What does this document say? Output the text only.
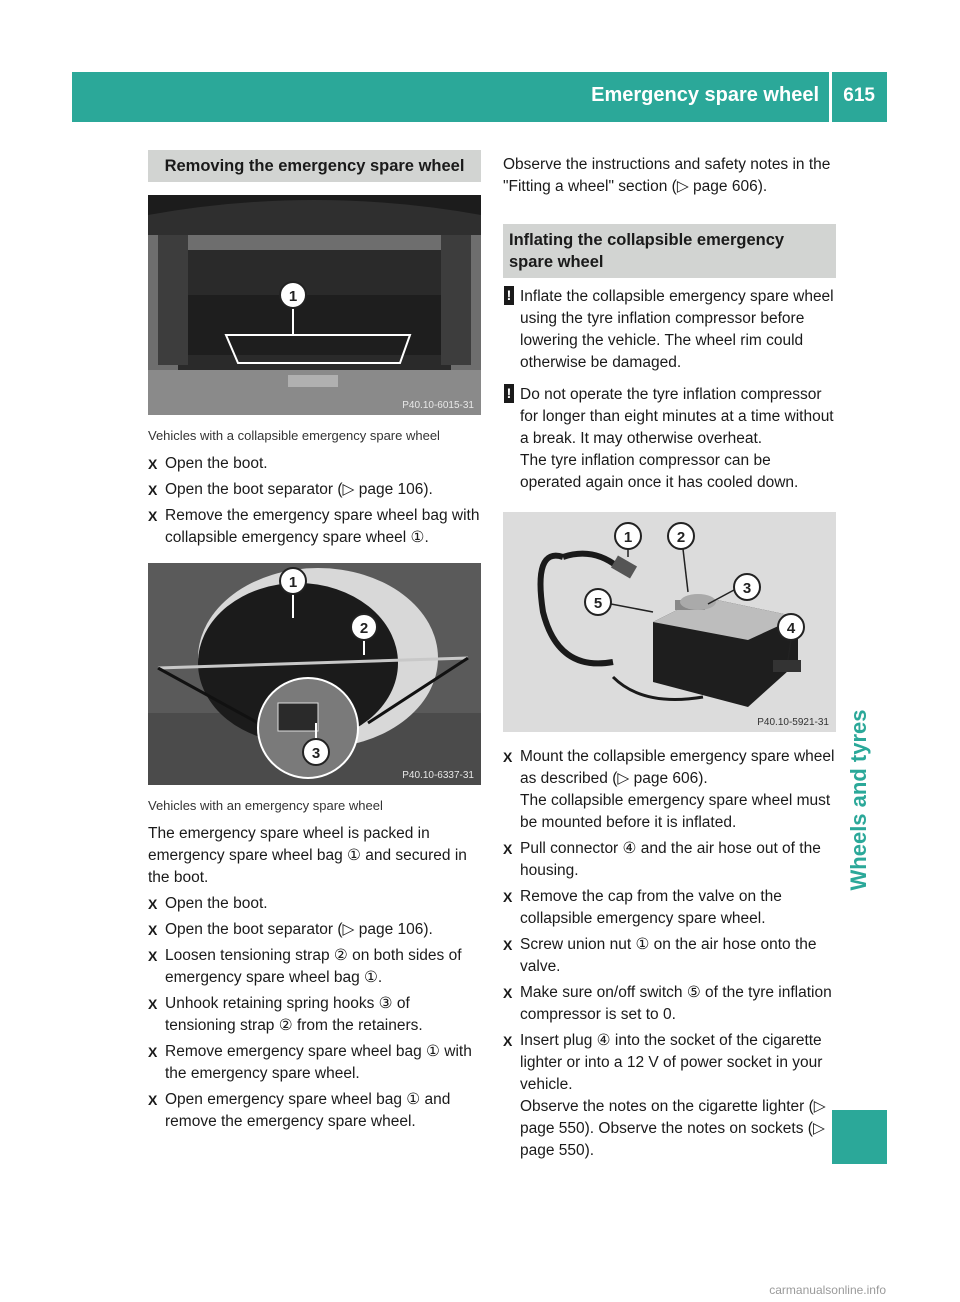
Emergency spare wheel 615
Wheels and tyres
Removing the emergency spare wheel
1
P40.10-6015-31

Vehicles with a collapsible emergency spare wheel

X Open the boot.
X Open the boot separator (▷ page 106).
X Remove the emergency spare wheel bag with collapsible emergency spare wheel ①.
1
2
3
P40.10-6337-31

Vehicles with an emergency spare wheel

The emergency spare wheel is packed in emergency spare wheel bag ① and secured in the boot.

X Open the boot.
X Open the boot separator (▷ page 106).
X Loosen tensioning strap ② on both sides of emergency spare wheel bag ①.
X Unhook retaining spring hooks ③ of tensioning strap ② from the retainers.
X Remove emergency spare wheel bag ① with the emergency spare wheel.
X Open emergency spare wheel bag ① and remove the emergency spare wheel.

Observe the instructions and safety notes in the "Fitting a wheel" section (▷ page 606).

Inflating the collapsible emergency spare wheel
! Inflate the collapsible emergency spare wheel using the tyre inflation compressor before lowering the vehicle. The wheel rim could otherwise be damaged.
! Do not operate the tyre inflation compressor for longer than eight minutes at a time without a break. It may otherwise overheat.

The tyre inflation compressor can be operated again once it has cooled down.

1	2
3
4
5
P40.10-5921-31
X Mount the collapsible emergency spare wheel as described (▷ page 606).

The collapsible emergency spare wheel must be mounted before it is inflated.

X Pull connector ④ and the air hose out of the housing.
X Remove the cap from the valve on the collapsible emergency spare wheel.
X Screw union nut ① on the air hose onto the valve.
X Make sure on/off switch ⑤ of the tyre inflation compressor is set to 0.
X Insert plug ④ into the socket of the cigarette lighter or into a 12 V of power socket in your vehicle.

Observe the notes on the cigarette lighter (▷ page 550). Observe the notes on sockets (▷ page 550).

carmanualsonline.info
